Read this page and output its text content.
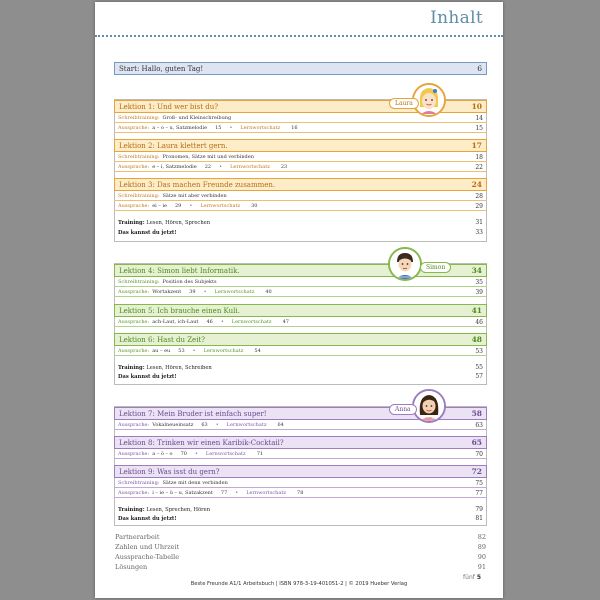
Inhalt
Start: Hallo, guten Tag!	6
Lektion 1: Und wer bist du?	10
Schreibtraining: Groß- und Kleinschreibung	14
Aussprache: a – o – u, Satzmelodie 15 • Lernwortschatz 16	15
Lektion 2: Laura klettert gern.	17
Schreibtraining: Pronomen, Sätze mit und verbinden	18
Aussprache: e – i, Satzmelodie 22 • Lernwortschatz 23	22
Lektion 3: Das machen Freunde zusammen.	24
Schreibtraining: Sätze mit aber verbinden	28
Aussprache: ei – ie 29 • Lernwortschatz 30	29
Training: Lesen, Hören, Sprechen	31
Das kannst du jetzt!	33
Laura
Lektion 4: Simon liebt Informatik.	34
Schreibtraining: Position des Subjekts	35
Aussprache: Wortakzent 39 • Lernwortschatz 40	39
Lektion 5: Ich brauche einen Kuli.	41
Aussprache: ach-Laut, ich-Laut 46 • Lernwortschatz 47	46
Lektion 6: Hast du Zeit?	48
Aussprache: au – eu 53 • Lernwortschatz 54	53
Training: Lesen, Hören, Schreiben	55
Das kannst du jetzt!	57
Simon
Lektion 7: Mein Bruder ist einfach super!	58
Aussprache: Vokalneueinsatz 63 • Lernwortschatz 64	63
Lektion 8: Trinken wir einen Karibik-Cocktail?	65
Aussprache: a – ö – o 70 • Lernwortschatz 71	70
Lektion 9: Was isst du gern?	72
Schreibtraining: Sätze mit denn verbinden	75
Aussprache: i – ie – ü – u, Satzakzent 77 • Lernwortschatz 78	77
Training: Lesen, Sprechen, Hören	79
Das kannst du jetzt!	81
Anna
Partnerarbeit	82
Zahlen und Uhrzeit	89
Aussprache-Tabelle	90
Lösungen	91
fünf 5
Beste Freunde A1/1 Arbeitsbuch | ISBN 978-3-19-401051-2 | © 2019 Hueber Verlag
